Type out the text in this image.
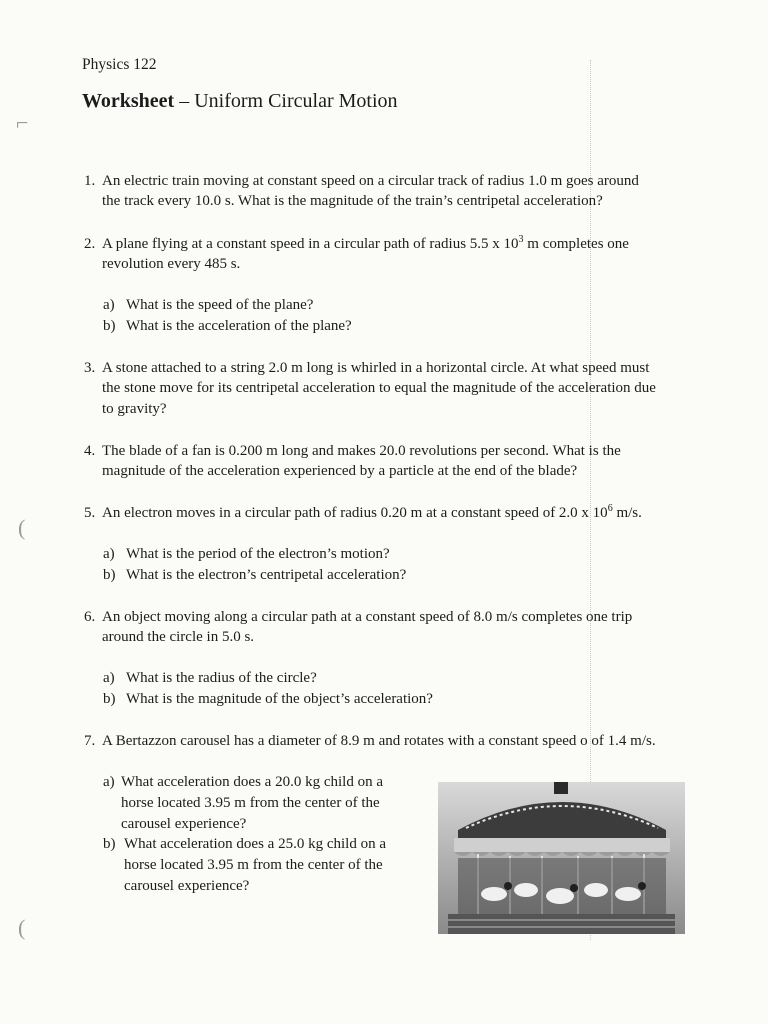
⌐
(
(
Physics 122
Worksheet – Uniform Circular Motion
1. An electric train moving at constant speed on a circular track of radius 1.0 m goes around
the track every 10.0 s. What is the magnitude of the train’s centripetal acceleration?
2. A plane flying at a constant speed in a circular path of radius 5.5 x $10^3$ m completes one
revolution every 485 s.
a) What is the speed of the plane?
b) What is the acceleration of the plane?
3. A stone attached to a string 2.0 m long is whirled in a horizontal circle. At what speed must
the stone move for its centripetal acceleration to equal the magnitude of the acceleration due
to gravity?
4. The blade of a fan is 0.200 m long and makes 20.0 revolutions per second. What is the
magnitude of the acceleration experienced by a particle at the end of the blade?
5. An electron moves in a circular path of radius 0.20 m at a constant speed of 2.0 x $10^6$ m/s.
a) What is the period of the electron’s motion?
b) What is the electron’s centripetal acceleration?
6. An object moving along a circular path at a constant speed of 8.0 m/s completes one trip
around the circle in 5.0 s.
a) What is the radius of the circle?
b) What is the magnitude of the object’s acceleration?
7. A Bertazzon carousel has a diameter of 8.9 m and rotates with a constant speed o of 1.4 m/s.
a) What acceleration does a 20.0 kg child on a
horse located 3.95 m from the center of the
carousel experience?
b) What acceleration does a 25.0 kg child on a
horse located 3.95 m from the center of the
carousel experience?
